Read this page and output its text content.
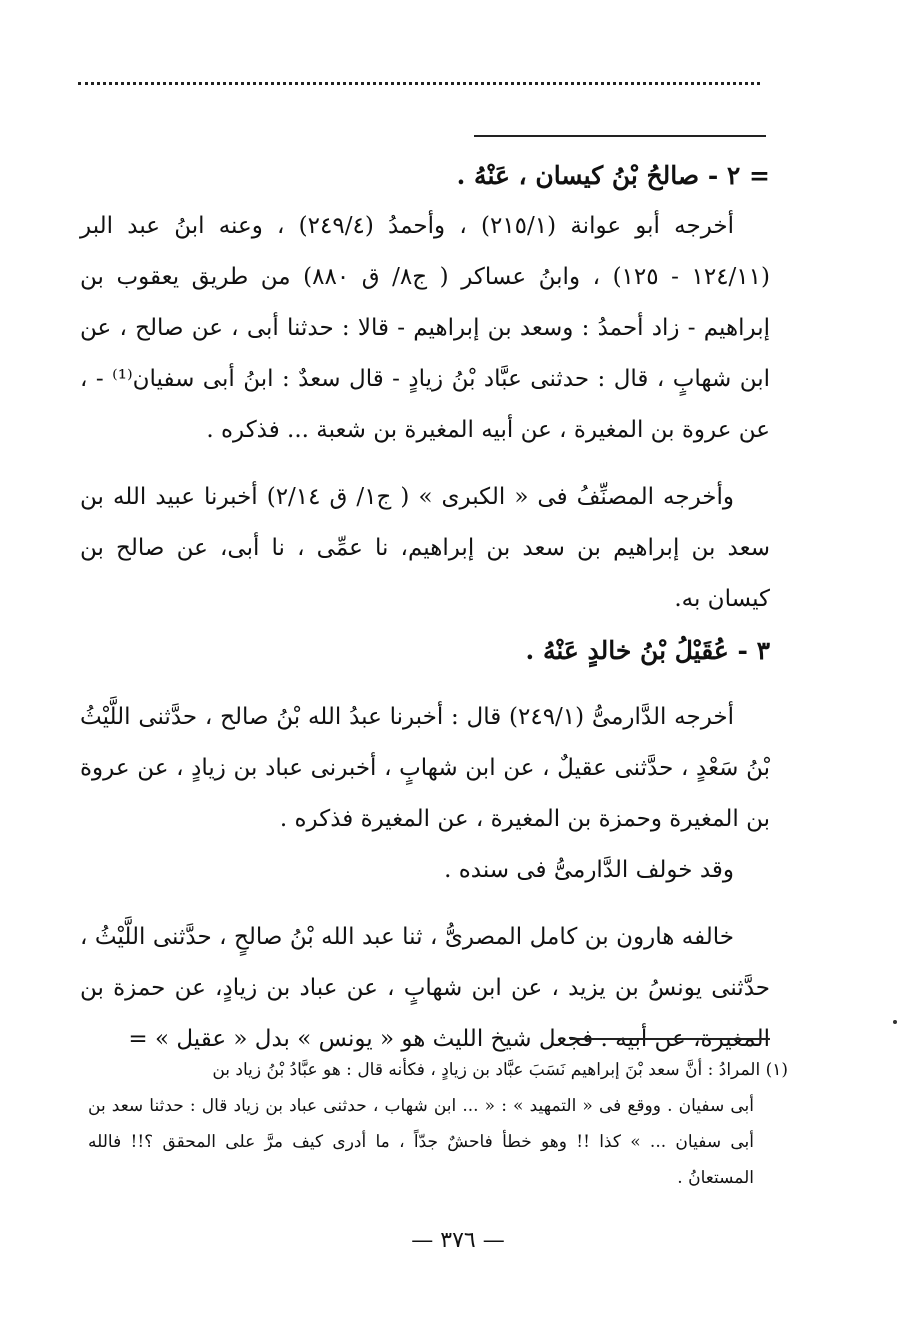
= ٢ - صالحُ بْنُ كيسان ، عَنْهُ .

أخرجه أبو عوانة (٢١٥/١) ، وأحمدُ (٢٤٩/٤) ، وعنه ابنُ عبد البر (١٢٤/١١ - ١٢٥) ، وابنُ عساكر ( ج٨/ ق ٨٨٠) من طريق يعقوب بن إبراهيم - زاد أحمدُ : وسعد بن إبراهيم - قالا : حدثنا أبى ، عن صالح ، عن ابن شهابٍ ، قال : حدثنى عبَّاد بْنُ زيادٍ - قال سعدٌ : ابنُ أبى سفيان⁽¹⁾ - ، عن عروة بن المغيرة ، عن أبيه المغيرة بن شعبة ... فذكره .

وأخرجه المصنِّفُ فى « الكبرى » ( ج١/ ق ٢/١٤) أخبرنا عبيد الله بن سعد بن إبراهيم بن سعد بن إبراهيم، نا عمِّى ، نا أبى، عن صالح بن كيسان به.

٣ - عُقَيْلُ بْنُ خالدٍ عَنْهُ .

أخرجه الدَّارمىُّ (٢٤٩/١) قال : أخبرنا عبدُ الله بْنُ صالح ، حدَّثنى اللَّيْثُ بْنُ سَعْدٍ ، حدَّثنى عقيلٌ ، عن ابن شهابٍ ، أخبرنى عباد بن زيادٍ ، عن عروة بن المغيرة وحمزة بن المغيرة ، عن المغيرة فذكره .

وقد خولف الدَّارمىُّ فى سنده .

خالفه هارون بن كامل المصرىُّ ، ثنا عبد الله بْنُ صالحٍ ، حدَّثنى اللَّيْثُ ، حدَّثنى يونسُ بن يزيد ، عن ابن شهابٍ ، عن عباد بن زيادٍ، عن حمزة بن المغيرة، عن أبيه . فجعل شيخ الليث هو « يونس » بدل « عقيل » =

(١) المرادُ : أنَّ سعد بْنَ إبراهيم نَسَبَ عبَّاد بن زيادٍ ، فكأنه قال : هو عبَّادُ بْنُ زياد بن

أبى سفيان . ووقع فى « التمهيد » : « ... ابن شهاب ، حدثنى عباد بن زياد قال : حدثنا سعد بن أبى سفيان ... » كذا !! وهو خطأ فاحشٌ جدّاً ، ما أدرى كيف مرَّ على المحقق ؟!! فالله المستعانُ .

— ٣٧٦ —
